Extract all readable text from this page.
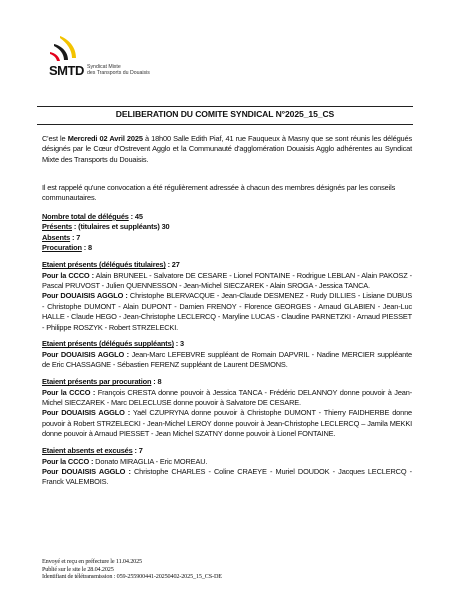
SMTD Syndicat Mixte
des Transports du Douaisis
DELIBERATION DU COMITE SYNDICAL N°2025_15_CS
C'est le Mercredi 02 Avril 2025 à 18h00 Salle Edith Piaf, 41 rue Fauqueux à Masny que se sont réunis les délégués désignés par le Cœur d'Ostrevent Agglo et la Communauté d'agglomération Douaisis Agglo adhérentes au Syndicat Mixte des Transports du Douaisis.
Il est rappelé qu'une convocation a été régulièrement adressée à chacun des membres désignés par les conseils communautaires.
Nombre total de délégués : 45
Présents : (titulaires et suppléants) 30
Absents : 7
Procuration : 8
Etaient présents (délégués titulaires) : 27
Pour la CCCO : Alain BRUNEEL - Salvatore DE CESARE - Lionel FONTAINE - Rodrigue LEBLAN - Alain PAKOSZ - Pascal PRUVOST - Julien QUENNESSON - Jean-Michel SIECZAREK - Alain SROGA - Jessica TANCA.
Pour DOUAISIS AGGLO : Christophe BLERVACQUE - Jean-Claude DESMENEZ - Rudy DILLIES - Lisiane DUBUS - Christophe DUMONT - Alain DUPONT - Damien FRENOY - Florence GEORGES - Arnaud GLABIEN - Jean-Luc HALLE - Claude HEGO - Jean-Christophe LECLERCQ - Maryline LUCAS - Claudine PARNETZKI - Arnaud PIESSET - Philippe ROSZYK - Robert STRZELECKI.
Etaient présents (délégués suppléants) : 3
Pour DOUAISIS AGGLO : Jean-Marc LEFEBVRE suppléant de Romain DAPVRIL - Nadine MERCIER suppléante de Eric CHASSAGNE - Sébastien FERENZ suppléant de Laurent DESMONS.
Etaient présents par procuration : 8
Pour la CCCO : François CRESTA donne pouvoir à Jessica TANCA - Frédéric DELANNOY donne pouvoir à Jean-Michel SIECZAREK - Marc DELECLUSE donne pouvoir à Salvatore DE CESARE.
Pour DOUAISIS AGGLO : Yaël CZUPRYNA donne pouvoir à Christophe DUMONT - Thierry FAIDHERBE donne pouvoir à Robert STRZELECKI - Jean-Michel LEROY donne pouvoir à Jean-Christophe LECLERCQ – Jamila MEKKI donne pouvoir à Arnaud PIESSET - Jean Michel SZATNY donne pouvoir à Lionel FONTAINE.
Etaient absents et excusés : 7
Pour la CCCO : Donato MIRAGLIA - Eric MOREAU.
Pour DOUAISIS AGGLO : Christophe CHARLES - Coline CRAEYE - Muriel DOUDOK - Jacques LECLERCQ - Franck VALEMBOIS.
Envoyé et reçu en préfecture le 11.04.2025
Publié sur le site le 28.04.2025
Identifiant de télétransmission : 059-255900441-20250402-2025_15_CS-DE
